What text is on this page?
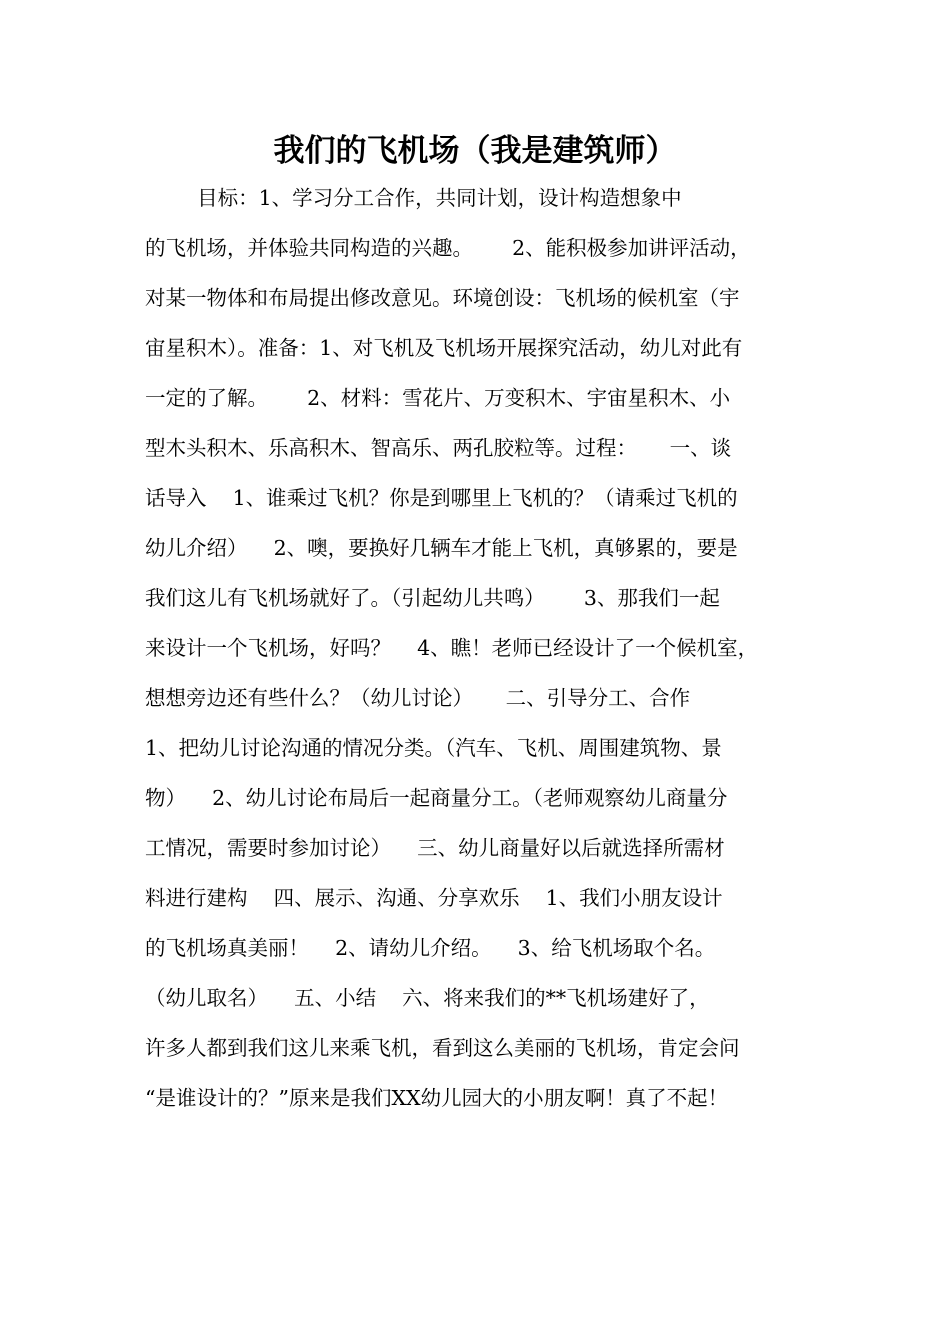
我们的飞机场（我是建筑师）
目标：1、学习分工合作，共同计划，设计构造想象中
的飞机场，并体验共同构造的兴趣。      2、能积极参加讲评活动，
对某一物体和布局提出修改意见。环境创设：飞机场的候机室（宇
宙星积木）。准备：1、对飞机及飞机场开展探究活动，幼儿对此有
一定的了解。      2、材料：雪花片、万变积木、宇宙星积木、小
型木头积木、乐高积木、智高乐、两孔胶粒等。过程：     一、谈
话导入    1、谁乘过飞机？你是到哪里上飞机的？（请乘过飞机的
幼儿介绍）    2、噢，要换好几辆车才能上飞机，真够累的，要是
我们这儿有飞机场就好了。（引起幼儿共鸣）      3、那我们一起
来设计一个飞机场，好吗？    4、瞧！老师已经设计了一个候机室，
想想旁边还有些什么？（幼儿讨论）     二、引导分工、合作
1、把幼儿讨论沟通的情况分类。（汽车、飞机、周围建筑物、景
物）    2、幼儿讨论布局后一起商量分工。（老师观察幼儿商量分
工情况，需要时参加讨论）    三、幼儿商量好以后就选择所需材
料进行建构    四、展示、沟通、分享欢乐    1、我们小朋友设计
的飞机场真美丽！    2、请幼儿介绍。    3、给飞机场取个名。
（幼儿取名）    五、小结    六、将来我们的**飞机场建好了，
许多人都到我们这儿来乘飞机，看到这么美丽的飞机场，肯定会问
“是谁设计的？”原来是我们XX幼儿园大的小朋友啊！真了不起！
